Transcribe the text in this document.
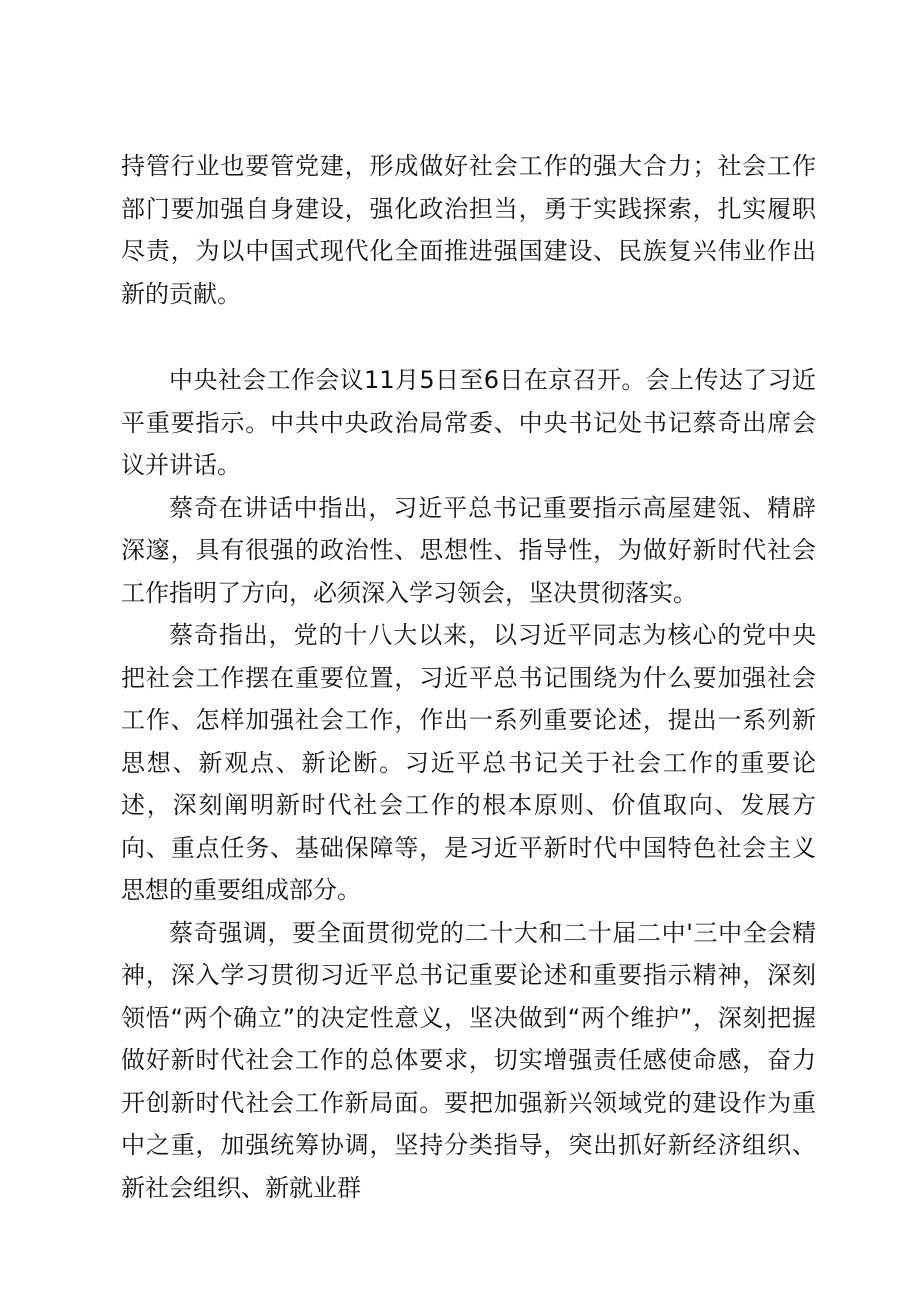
持管行业也要管党建，形成做好社会工作的强大合力；社会工作部门要加强自身建设，强化政治担当，勇于实践探索，扎实履职尽责，为以中国式现代化全面推进强国建设、民族复兴伟业作出新的贡献。

中央社会工作会议11月5日至6日在京召开。会上传达了习近平重要指示。中共中央政治局常委、中央书记处书记蔡奇出席会议并讲话。

蔡奇在讲话中指出，习近平总书记重要指示高屋建瓴、精辟深邃，具有很强的政治性、思想性、指导性，为做好新时代社会工作指明了方向，必须深入学习领会，坚决贯彻落实。

蔡奇指出，党的十八大以来，以习近平同志为核心的党中央把社会工作摆在重要位置，习近平总书记围绕为什么要加强社会工作、怎样加强社会工作，作出一系列重要论述，提出一系列新思想、新观点、新论断。习近平总书记关于社会工作的重要论述，深刻阐明新时代社会工作的根本原则、价值取向、发展方向、重点任务、基础保障等，是习近平新时代中国特色社会主义思想的重要组成部分。

蔡奇强调，要全面贯彻党的二十大和二十届二中'三中全会精神，深入学习贯彻习近平总书记重要论述和重要指示精神，深刻领悟“两个确立”的决定性意义，坚决做到“两个维护”，深刻把握做好新时代社会工作的总体要求，切实增强责任感使命感，奋力开创新时代社会工作新局面。要把加强新兴领域党的建设作为重中之重，加强统筹协调，坚持分类指导，突出抓好新经济组织、新社会组织、新就业群
